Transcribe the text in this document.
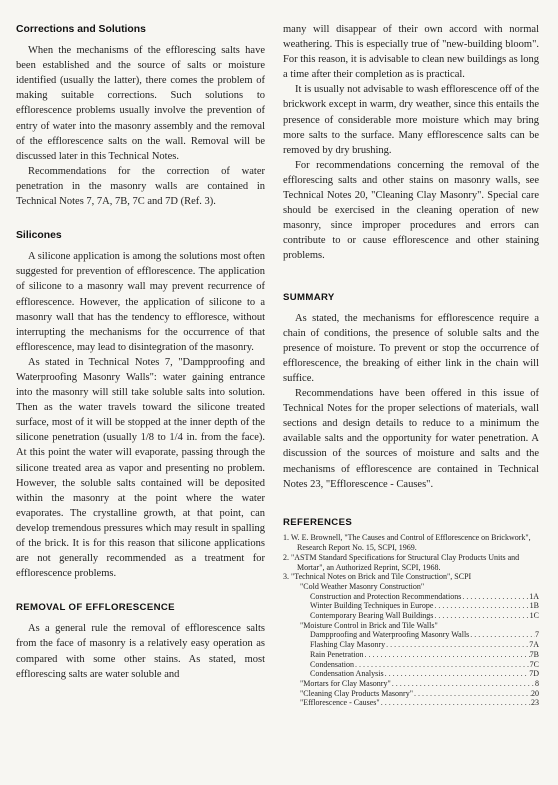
Corrections and Solutions

When the mechanisms of the efflorescing salts have been established and the source of salts or moisture identified (usually the latter), there comes the problem of making suitable corrections. Such solutions to efflorescence problems usually involve the prevention of entry of water into the masonry assembly and the removal of the efflorescence salts on the wall. Removal will be discussed later in this Technical Notes.

Recommendations for the correction of water penetration in the masonry walls are contained in Technical Notes 7, 7A, 7B, 7C and 7D (Ref. 3).

Silicones

A silicone application is among the solutions most often suggested for prevention of efflorescence. The application of silicone to a masonry wall may prevent recurrence of efflorescence. However, the application of silicone to a masonry wall that has the tendency to effloresce, without interrupting the mechanisms for the occurrence of that efflorescence, may lead to disintegration of the masonry.

As stated in Technical Notes 7, "Dampproofing and Waterproofing Masonry Walls": water gaining entrance into the masonry will still take soluble salts into solution. Then as the water travels toward the silicone treated surface, most of it will be stopped at the inner depth of the silicone penetration (usually 1/8 to 1/4 in. from the face). At this point the water will evaporate, passing through the silicone treated area as vapor and presenting no problem. However, the soluble salts contained will be deposited within the masonry at the point where the water evaporates. The crystalline growth, at that point, can develop tremendous pressures which may result in spalling of the brick. It is for this reason that silicone applications are not generally recommended as a treatment for efflorescence problems.

REMOVAL OF EFFLORESCENCE

As a general rule the removal of efflorescence salts from the face of masonry is a relatively easy operation as compared with some other stains. As stated, most efflorescing salts are water soluble and

many will disappear of their own accord with normal weathering. This is especially true of "new-building bloom". For this reason, it is advisable to clean new buildings as long a time after their completion as is practical.

It is usually not advisable to wash efflorescence off of the brickwork except in warm, dry weather, since this entails the presence of considerable more moisture which may bring more salts to the surface. Many efflorescence salts can be removed by dry brushing.

For recommendations concerning the removal of the efflorescing salts and other stains on masonry walls, see Technical Notes 20, "Cleaning Clay Masonry". Special care should be exercised in the cleaning operation of new masonry, since improper procedures and errors can contribute to or cause efflorescence and other staining problems.

SUMMARY

As stated, the mechanisms for efflorescence require a chain of conditions, the presence of soluble salts and the presence of moisture. To prevent or stop the occurrence of efflorescence, the breaking of either link in the chain will suffice.

Recommendations have been offered in this issue of Technical Notes for the proper selections of materials, wall sections and design details to reduce to a minimum the available salts and the opportunity for water penetration. A discussion of the sources of moisture and salts and the mechanisms of efflorescence are contained in Technical Notes 23, "Efflorescence - Causes".

REFERENCES
1. W. E. Brownell, "The Causes and Control of Efflorescence on Brickwork", Research Report No. 15, SCPI, 1969.
2. "ASTM Standard Specifications for Structural Clay Products Units and Mortar", an Authorized Reprint, SCPI, 1968.
3. "Technical Notes on Brick and Tile Construction", SCPI
"Cold Weather Masonry Construction"
Construction and Protection Recommendations . . .	1A
Winter Building Techniques in Europe . . .	1B
Contemporary Bearing Wall Buildings . . .	1C
"Moisture Control in Brick and Tile Walls"
Dampproofing and Waterproofing Masonry Walls . . .	7
Flashing Clay Masonry . . .	7A
Rain Penetration . . .	7B
Condensation . . .	7C
Condensation Analysis . . .	7D
"Mortars for Clay Masonry" . . .	8
"Cleaning Clay Products Masonry" . . .	20
"Efflorescence - Causes" . . .	23
